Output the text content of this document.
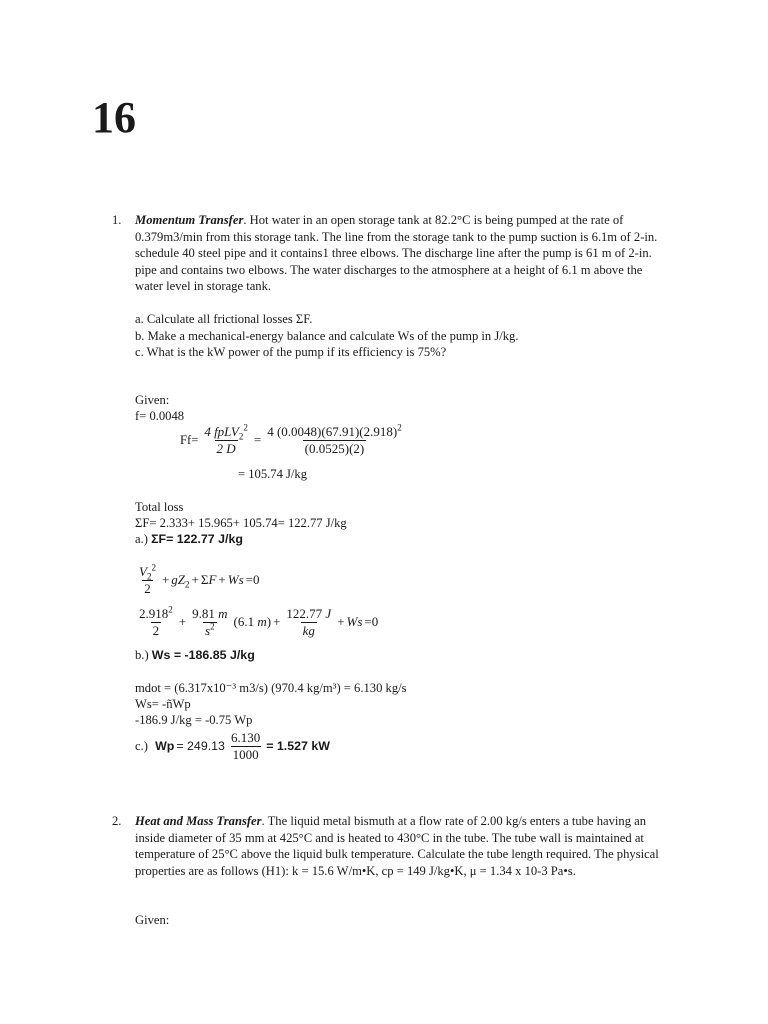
16
1. Momentum Transfer. Hot water in an open storage tank at 82.2°C is being pumped at the rate of 0.379m3/min from this storage tank. The line from the storage tank to the pump suction is 6.1m of 2-in. schedule 40 steel pipe and it contains1 three elbows. The discharge line after the pump is 61 m of 2-in. pipe and contains two elbows. The water discharges to the atmosphere at a height of 6.1 m above the water level in storage tank.
a. Calculate all frictional losses ΣF.
b. Make a mechanical-energy balance and calculate Ws of the pump in J/kg.
c. What is the kW power of the pump if its efficiency is 75%?
Given:
f= 0.0048
$Ff= \frac{4 fpLV_2^2}{2 D} = \frac{4 (0.0048)(67.91)(2.918)^2}{(0.0525)(2)}$
= 105.74 J/kg
Total loss
ΣF= 2.333+ 15.965+ 105.74= 122.77 J/kg
a.) ΣF= 122.77 J/kg
$\frac{V_2^2}{2} + gZ_2 + \Sigma F + Ws =0$
$\frac{2.918^2}{2} + \frac{9.81 m}{s^2} (6.1$ $m) + \frac{122.77 J}{kg} + Ws =0$
b.) Ws = -186.85 J/kg
mdot = (6.317x10⁻³ m3/s) (970.4 kg/m³) = 6.130 kg/s
Ws= -ñWp
-186.9 J/kg = -0.75 Wp
c.)
$Wp = 249.13 \frac{6.130}{1000} = 1.527$ kW
2. Heat and Mass Transfer. The liquid metal bismuth at a flow rate of 2.00 kg/s enters a tube having an inside diameter of 35 mm at 425°C and is heated to 430°C in the tube. The tube wall is maintained at temperature of 25°C above the liquid bulk temperature. Calculate the tube length required. The physical properties are as follows (H1): k = 15.6 W/m•K, cp = 149 J/kg•K, μ = 1.34 x 10-3 Pa•s.
Given:
